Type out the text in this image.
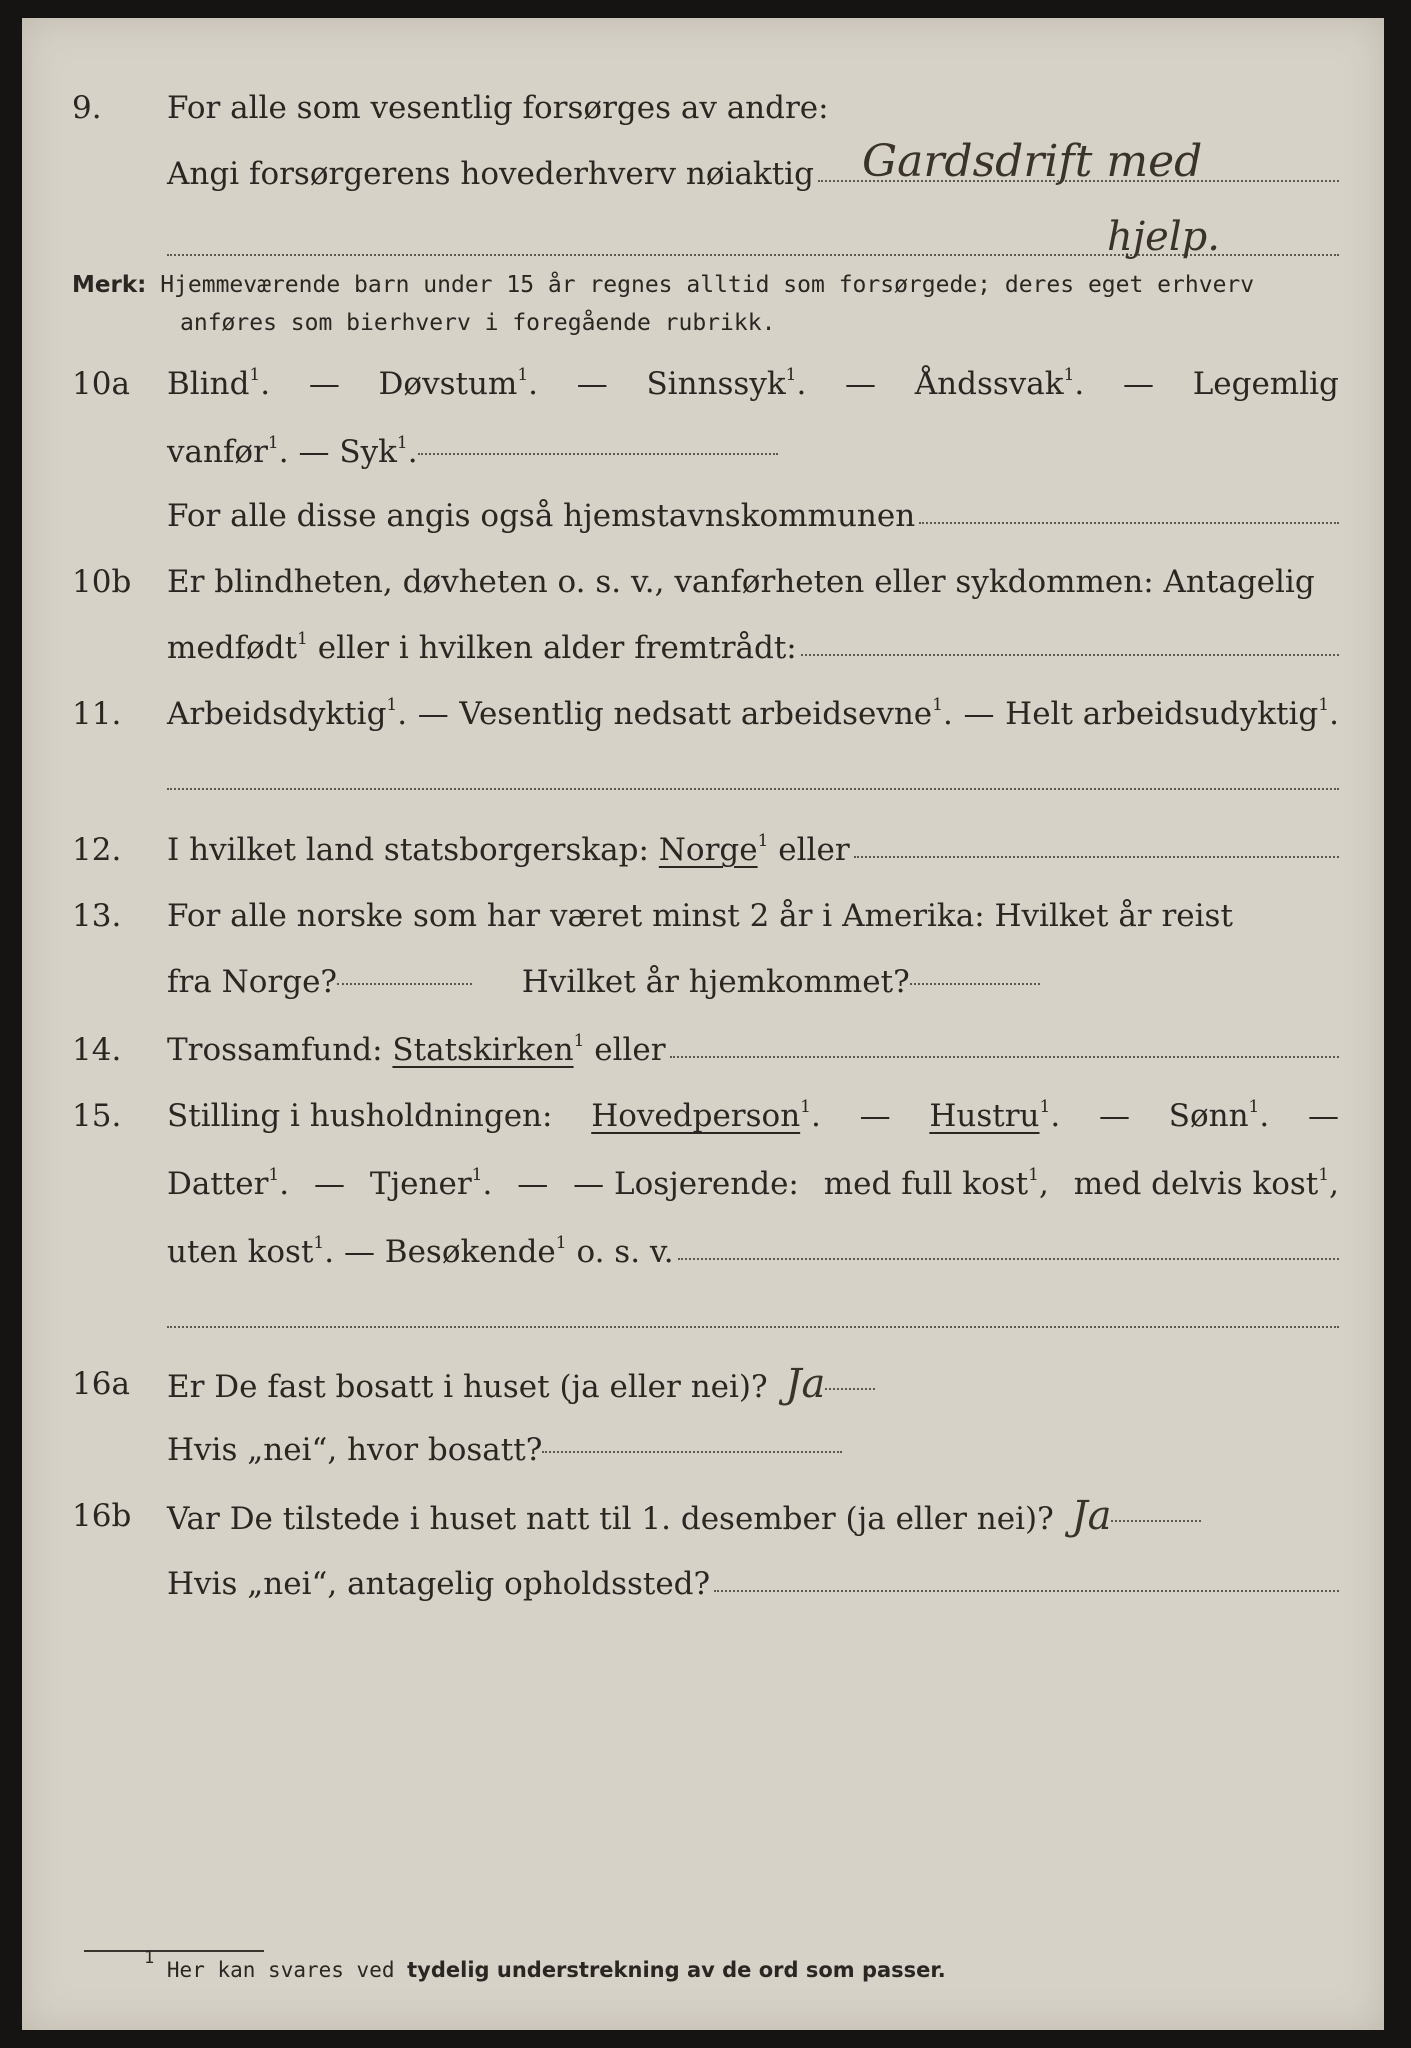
9.	For alle som vesentlig forsørges av andre:
Angi forsørgerens hovederhverv nøiaktig Gardsdrift med
hjelp.
Merk: Hjemmeværende barn under 15 år regnes alltid som forsørgede; deres eget erhverv
anføres som bierhverv i foregående rubrikk.
10a	Blind$^1$. — Døvstum$^1$. — Sinnssyk$^1$. — Åndssvak$^1$. — Legemlig
vanfør$^1$. — Syk$^1$.
For alle disse angis også hjemstavnskommunen
10b	Er blindheten, døvheten o. s. v., vanførheten eller sykdommen: Antagelig
medfødt$^1$ eller i hvilken alder fremtrådt:
11.	Arbeidsdyktig$^1$. — Vesentlig nedsatt arbeidsevne$^1$. — Helt arbeidsudyktig$^1$.
12.	I hvilket land statsborgerskap: Norge$^1$ eller
13.	For alle norske som har været minst 2 år i Amerika: Hvilket år reist
fra Norge?	Hvilket år hjemkommet?
14.	Trossamfund: Statskirken$^1$ eller
15.	Stilling i husholdningen: Hovedperson$^1$. — Hustru$^1$. — Sønn$^1$. —
Datter$^1$. — Tjener$^1$. — — Losjerende: med full kost$^1$, med delvis kost$^1$,
uten kost$^1$. — Besøkende$^1$ o. s. v.
16a	Er De fast bosatt i huset (ja eller nei)? Ja
Hvis „nei“, hvor bosatt?
16b	Var De tilstede i huset natt til 1. desember (ja eller nei)? Ja
Hvis „nei“, antagelig opholdssted?
$^1$ Her kan svares ved tydelig understrekning av de ord som passer.
